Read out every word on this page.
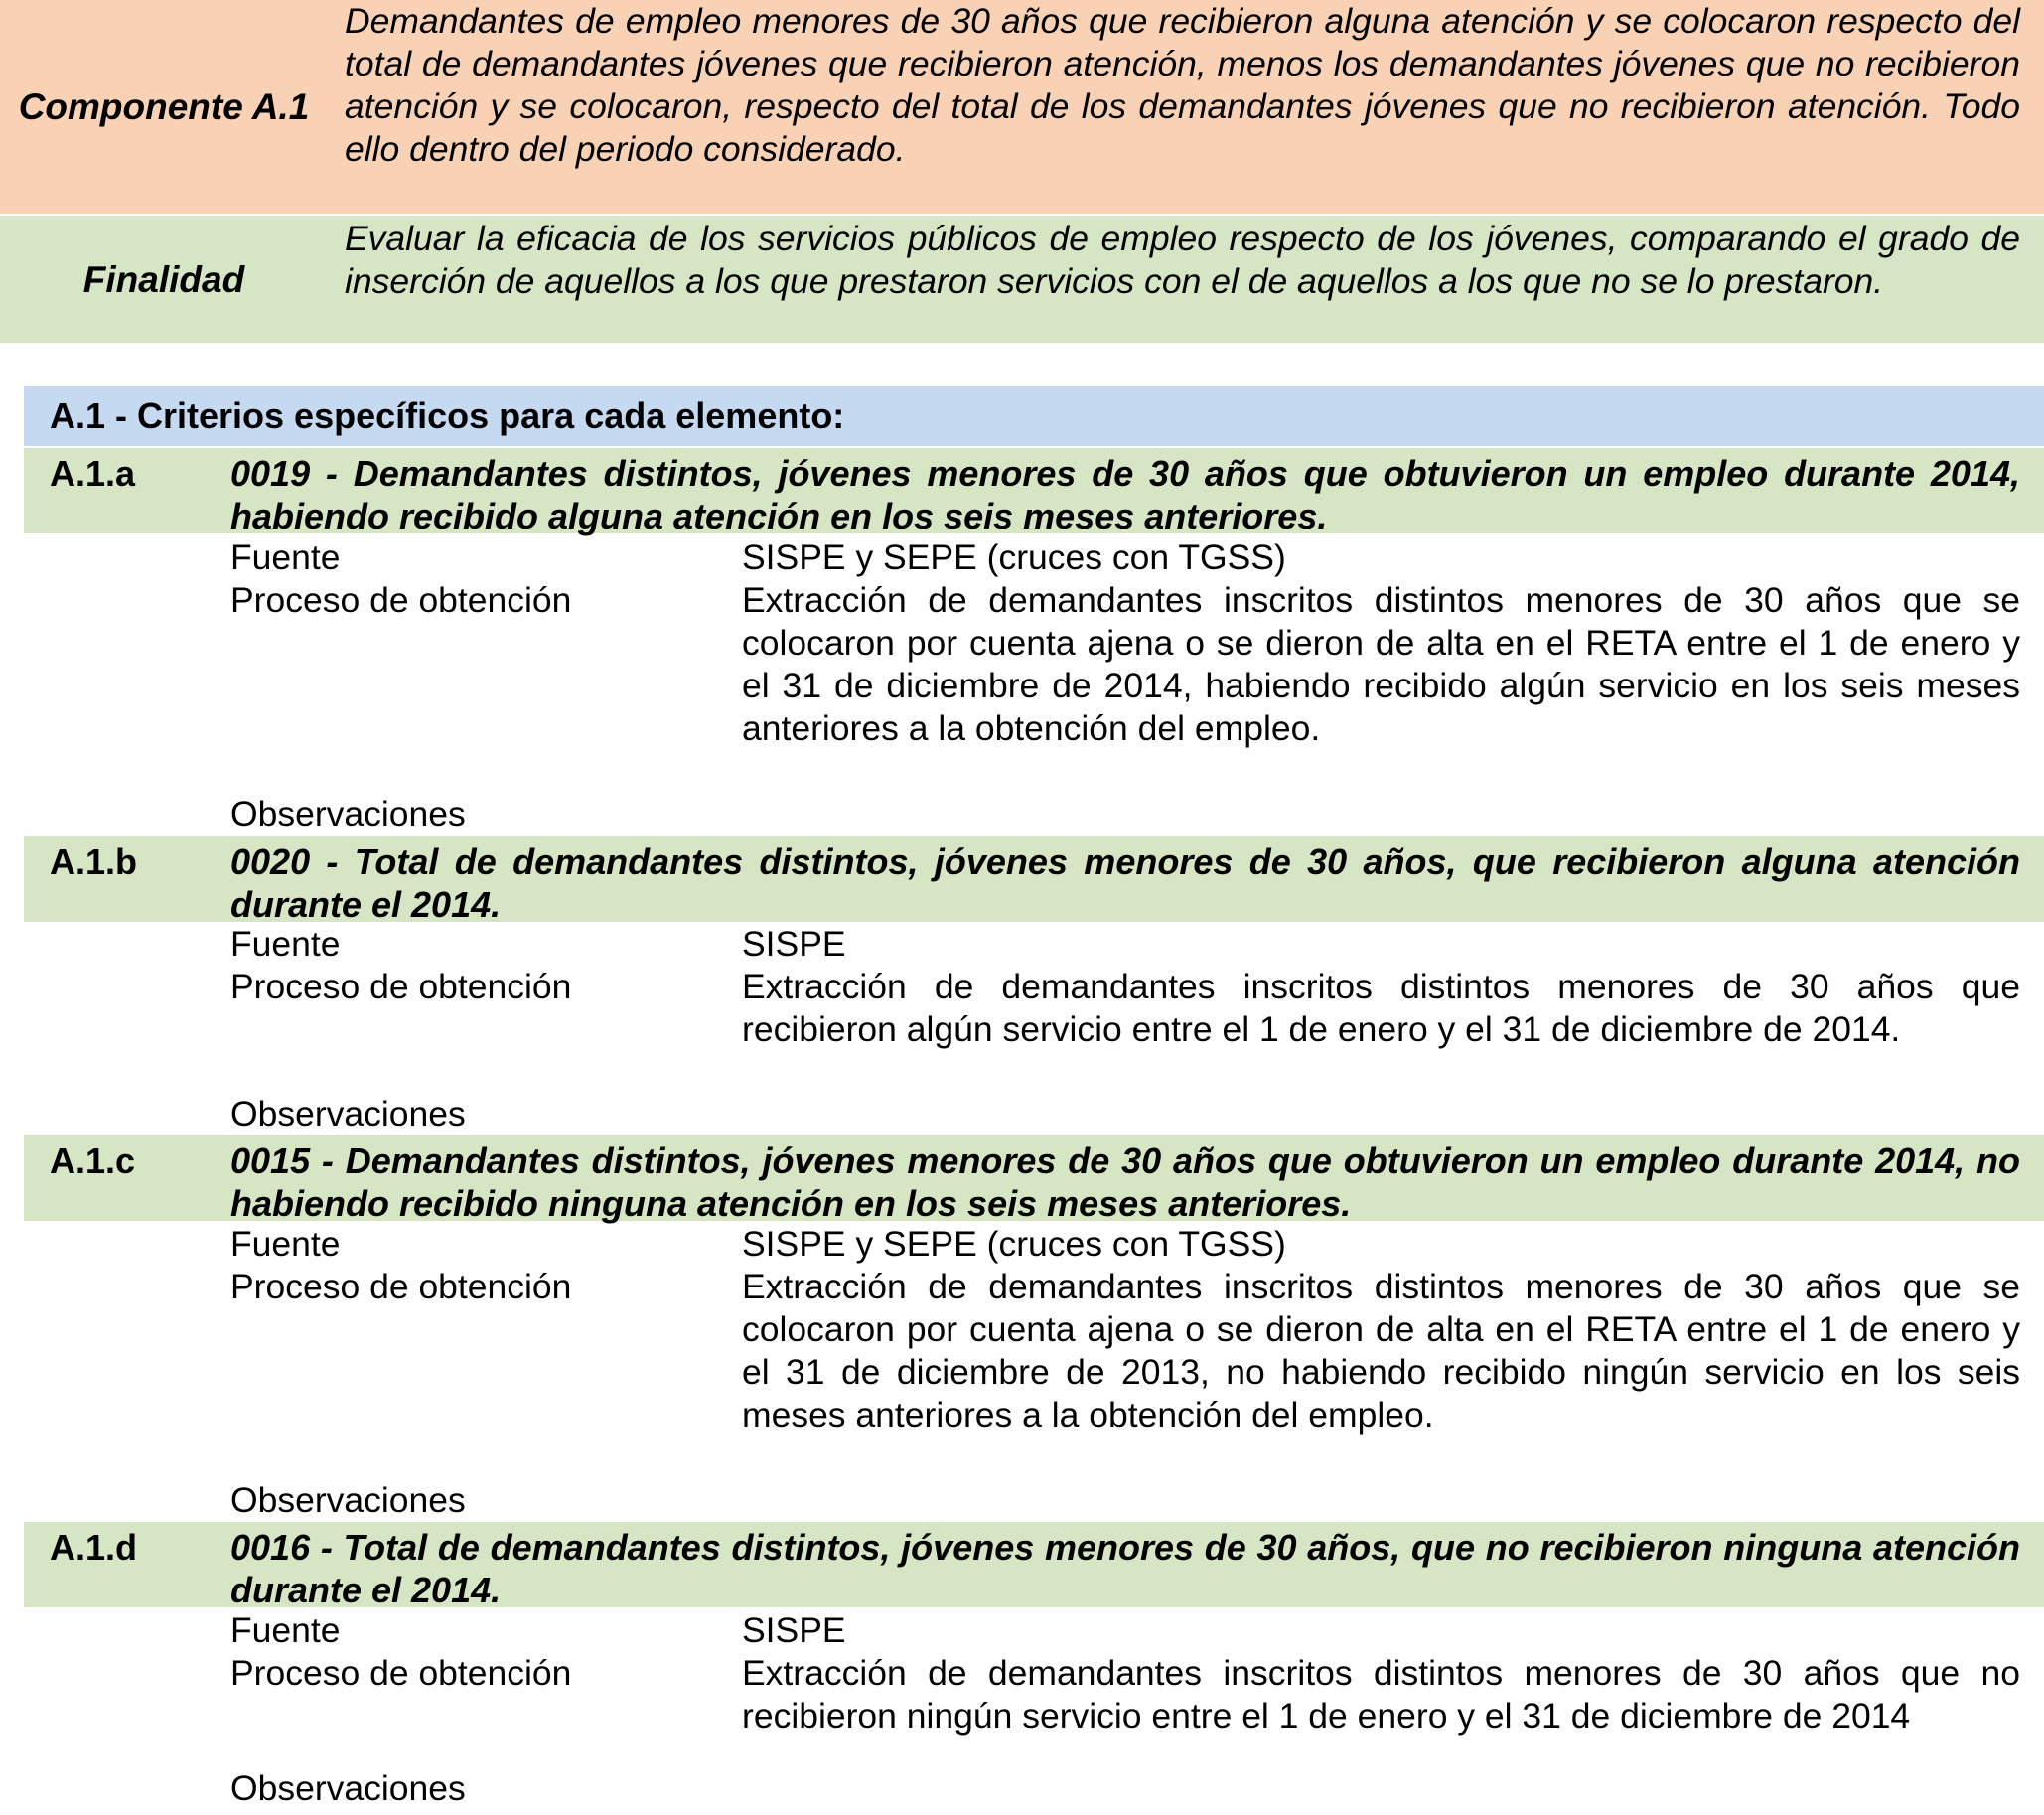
Componente A.1
Demandantes de empleo menores de 30 años que recibieron alguna atención y se colocaron respecto del total de demandantes jóvenes que recibieron atención, menos los demandantes jóvenes que no recibieron atención y se colocaron, respecto del total de los demandantes jóvenes que no recibieron atención. Todo ello dentro del periodo considerado.
Finalidad
Evaluar la eficacia de los servicios públicos de empleo respecto de los jóvenes, comparando el grado de inserción de aquellos a los que prestaron servicios con el de aquellos a los que no se lo prestaron.
A.1 - Criterios específicos para cada elemento:
A.1.a	0019 - Demandantes distintos, jóvenes menores de 30 años que obtuvieron un empleo durante 2014, habiendo recibido alguna atención en los seis meses anteriores.
Fuente	SISPE y SEPE (cruces con TGSS)
Proceso de obtención	Extracción de demandantes inscritos distintos menores de 30 años que se colocaron por cuenta ajena o se dieron de alta en el RETA entre el 1 de enero y el 31 de diciembre de 2014, habiendo recibido algún servicio en los seis meses anteriores a la obtención del empleo.
Observaciones
A.1.b	0020 - Total de demandantes distintos, jóvenes menores de 30 años, que recibieron alguna atención durante el 2014.
Fuente	SISPE
Proceso de obtención	Extracción de demandantes inscritos distintos menores de 30 años que recibieron algún servicio entre el 1 de enero y el 31 de diciembre de 2014.
Observaciones
A.1.c	0015 - Demandantes distintos, jóvenes menores de 30 años que obtuvieron un empleo durante 2014, no habiendo recibido ninguna atención en los seis meses anteriores.
Fuente	SISPE y SEPE (cruces con TGSS)
Proceso de obtención	Extracción de demandantes inscritos distintos menores de 30 años que se colocaron por cuenta ajena o se dieron de alta en el RETA entre el 1 de enero y el 31 de diciembre de 2013, no habiendo recibido ningún servicio en los seis meses anteriores a la obtención del empleo.
Observaciones
A.1.d	0016 - Total de demandantes distintos, jóvenes menores de 30 años, que no recibieron ninguna atención durante el 2014.
Fuente	SISPE
Proceso de obtención	Extracción de demandantes inscritos distintos menores de 30 años que no recibieron ningún servicio entre el 1 de enero y el 31 de diciembre de 2014
Observaciones
